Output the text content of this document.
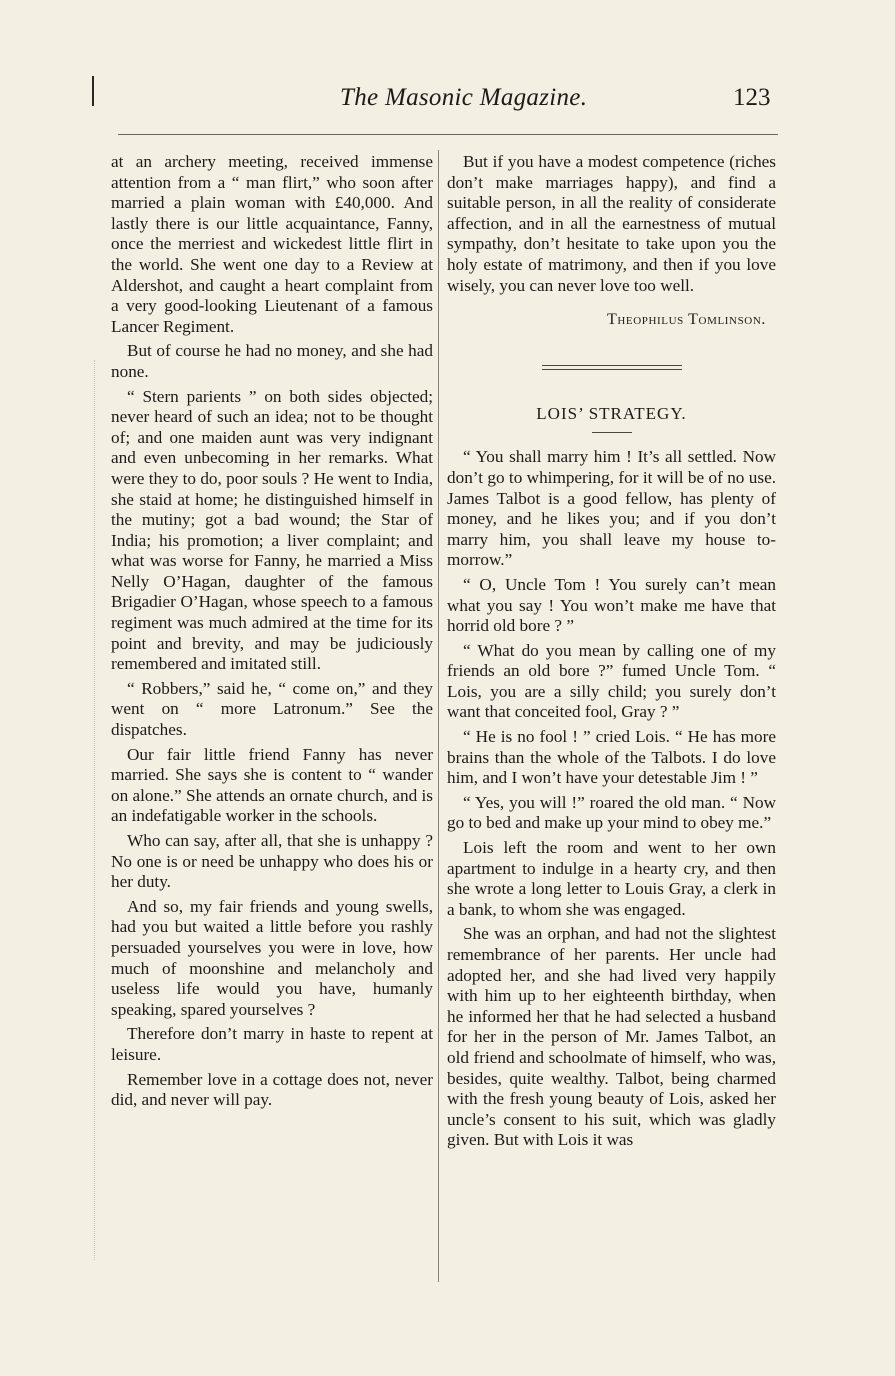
The Masonic Magazine.	123

at an archery meeting, received immense attention from a “ man flirt,” who soon after married a plain woman with £40,000. And lastly there is our little acquaintance, Fanny, once the merriest and wickedest little flirt in the world. She went one day to a Review at Aldershot, and caught a heart complaint from a very good-looking Lieutenant of a famous Lancer Regiment.

But of course he had no money, and she had none.

“ Stern parients ” on both sides objected; never heard of such an idea; not to be thought of; and one maiden aunt was very indignant and even unbecoming in her remarks. What were they to do, poor souls ? He went to India, she staid at home; he distinguished himself in the mutiny; got a bad wound; the Star of India; his promotion; a liver complaint; and what was worse for Fanny, he married a Miss Nelly O’Hagan, daughter of the famous Brigadier O’Hagan, whose speech to a famous regiment was much admired at the time for its point and brevity, and may be judiciously remembered and imitated still.

“ Robbers,” said he, “ come on,” and they went on “ more Latronum.” See the dispatches.

Our fair little friend Fanny has never married. She says she is content to “ wander on alone.” She attends an ornate church, and is an indefatigable worker in the schools.

Who can say, after all, that she is unhappy ? No one is or need be unhappy who does his or her duty.

And so, my fair friends and young swells, had you but waited a little before you rashly persuaded yourselves you were in love, how much of moonshine and melancholy and useless life would you have, humanly speaking, spared yourselves ?

Therefore don’t marry in haste to repent at leisure.

Remember love in a cottage does not, never did, and never will pay.

But if you have a modest competence (riches don’t make marriages happy), and find a suitable person, in all the reality of considerate affection, and in all the earnestness of mutual sympathy, don’t hesitate to take upon you the holy estate of matrimony, and then if you love wisely, you can never love too well.

Theophilus Tomlinson.
LOIS’ STRATEGY.

“ You shall marry him ! It’s all settled. Now don’t go to whimpering, for it will be of no use. James Talbot is a good fellow, has plenty of money, and he likes you; and if you don’t marry him, you shall leave my house to-morrow.”

“ O, Uncle Tom ! You surely can’t mean what you say ! You won’t make me have that horrid old bore ? ”

“ What do you mean by calling one of my friends an old bore ?” fumed Uncle Tom. “ Lois, you are a silly child; you surely don’t want that conceited fool, Gray ? ”

“ He is no fool ! ” cried Lois. “ He has more brains than the whole of the Talbots. I do love him, and I won’t have your detestable Jim ! ”

“ Yes, you will !” roared the old man. “ Now go to bed and make up your mind to obey me.”

Lois left the room and went to her own apartment to indulge in a hearty cry, and then she wrote a long letter to Louis Gray, a clerk in a bank, to whom she was engaged.

She was an orphan, and had not the slightest remembrance of her parents. Her uncle had adopted her, and she had lived very happily with him up to her eighteenth birthday, when he informed her that he had selected a husband for her in the person of Mr. James Talbot, an old friend and schoolmate of himself, who was, besides, quite wealthy. Talbot, being charmed with the fresh young beauty of Lois, asked her uncle’s consent to his suit, which was gladly given. But with Lois it was
